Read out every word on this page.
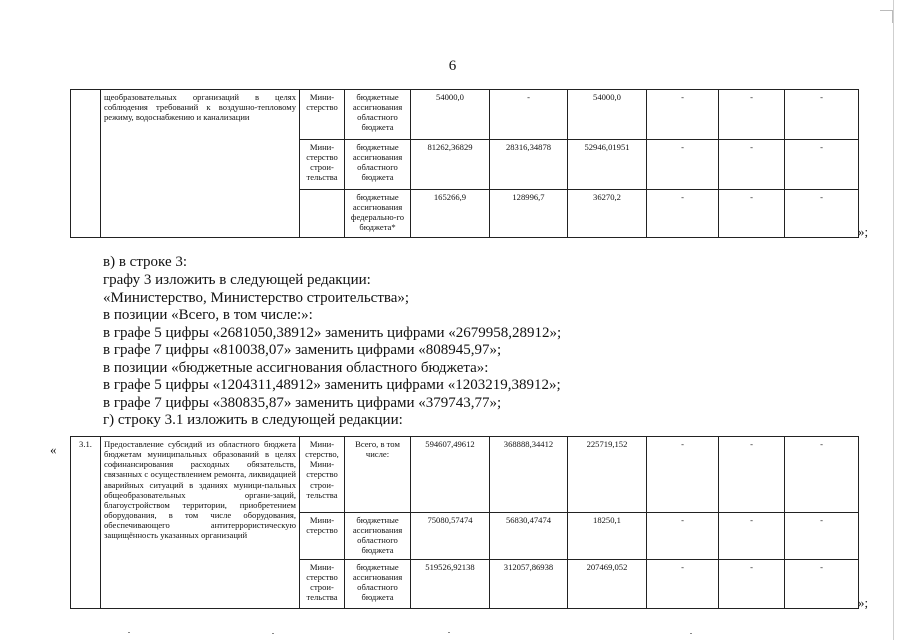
6
	щеобразовательных организаций в целях соблюдения требований к воздушно-тепловому режиму, водоснабжению и канализации	Мини-стерство	бюджетные ассигнования областного бюджета	54000,0	-	54000,0	-	-	-
		Мини-стерство строи-тельства	бюджетные ассигнования областного бюджета	81262,36829	28316,34878	52946,01951	-	-	-
			бюджетные ассигнования федерально-го бюджета*	165266,9	128996,7	36270,2	-	-	-
»;
в) в строке 3:
графу 3 изложить в следующей редакции:
«Министерство, Министерство строительства»;
в позиции «Всего, в том числе:»:
в графе 5 цифры «2681050,38912» заменить цифрами «2679958,28912»;
в графе 7 цифры «810038,07» заменить цифрами «808945,97»;
в позиции «бюджетные ассигнования областного бюджета»:
в графе 5 цифры «1204311,48912» заменить цифрами «1203219,38912»;
в графе 7 цифры «380835,87» заменить цифрами «379743,77»;
г) строку 3.1 изложить в следующей редакции:
«	3.1.	Предоставление субсидий из областного бюджета бюджетам муниципальных образований в целях софинансирования расходных обязательств, связанных с осуществлением ремонта, ликвидацией аварийных ситуаций в зданиях муници-пальных общеобразовательных органи-заций, благоустройством территории, приобретением оборудования, в том числе оборудования, обеспечивающего антитеррористическую защищённость указанных организаций	Мини-стерство, Мини-стерство строи-тельства	Всего, в том числе:	594607,49612	368888,34412	225719,152	-	-	-
		Мини-стерство	бюджетные ассигнования областного бюджета	75080,57474	56830,47474	18250,1	-	-	-
		Мини-стерство строи-тельства	бюджетные ассигнования областного бюджета	519526,92138	312057,86938	207469,052	-	-	-
»;
